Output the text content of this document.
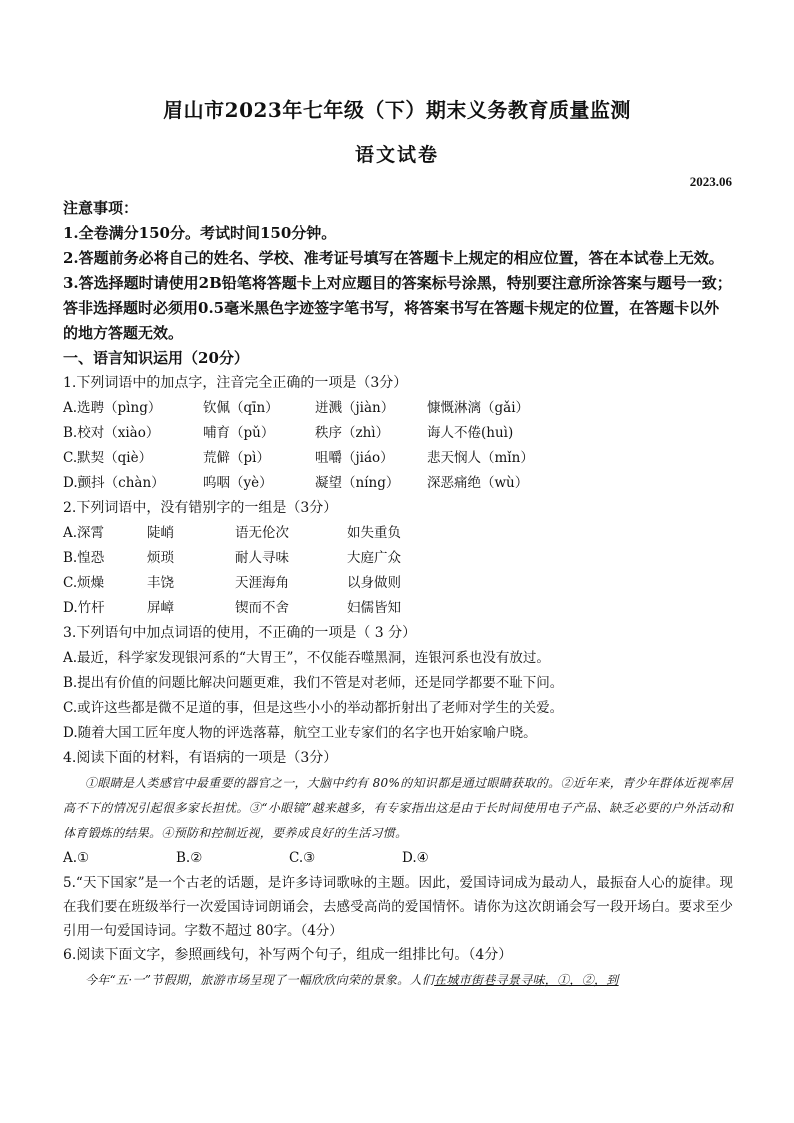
眉山市2023年七年级（下）期末义务教育质量监测
语文试卷
2023.06
注意事项：
1.全卷满分150分。考试时间150分钟。
2.答题前务必将自己的姓名、学校、准考证号填写在答题卡上规定的相应位置，答在本试卷上无效。
3.答选择题时请使用2B铅笔将答题卡上对应题目的答案标号涂黑，特别要注意所涂答案与题号一致；答非选择题时必须用0.5毫米黑色字迹签字笔书写，将答案书写在答题卡规定的位置，在答题卡以外的地方答题无效。
一、语言知识运用（20分）
1.下列词语中的加点字，注音完全正确的一项是（3分）
A.选聘（pìng）	钦佩（qīn）	迸溅（jiàn） 慷慨淋漓（gǎi）
B.校对（xiào）	哺育（pǔ）	秩序（zhì）	诲人不倦(huì)
C.默契（qiè）	荒僻（pì）	咀嚼（jiáo） 悲天悯人（mǐn）
D.颤抖（chàn）	呜咽（yè）	凝望（níng） 深恶痛绝（wù）
2.下列词语中，没有错别字的一组是（3分）
A.深霄	陡峭	语无伦次	如失重负
B.惶恐	烦琐	耐人寻味	大庭广众
C.烦燥	丰饶	天涯海角	以身做则
D.竹杆	屏嶂	锲而不舍	妇儒皆知
3.下列语句中加点词语的使用，不正确的一项是（ 3 分）
A.最近，科学家发现银河系的“大胃王”，不仅能吞噬黑洞，连银河系也没有放过。
B.提出有价值的问题比解决问题更难，我们不管是对老师，还是同学都要不耻下问。
C.或许这些都是微不足道的事，但是这些小小的举动都折射出了老师对学生的关爱。
D.随着大国工匠年度人物的评选落幕，航空工业专家们的名字也开始家喻户晓。
4.阅读下面的材料，有语病的一项是（3分）
①眼睛是人类感官中最重要的器官之一，大脑中约有 80%的知识都是通过眼睛获取的。②近年来，青少年群体近视率居高不下的情况引起很多家长担忧。③“小眼镜”越来越多，有专家指出这是由于长时间使用电子产品、缺乏必要的户外活动和体育锻炼的结果。④预防和控制近视，要养成良好的生活习惯。
A.①	B.②	C.③	D.④
5.“天下国家”是一个古老的话题，是许多诗词歌咏的主题。因此，爱国诗词成为最动人，最振奋人心的旋律。现在我们要在班级举行一次爱国诗词朗诵会，去感受高尚的爱国情怀。请你为这次朗诵会写一段开场白。要求至少引用一句爱国诗词。字数不超过 80字。（4分）
6.阅读下面文字，参照画线句，补写两个句子，组成一组排比句。（4分）
今年“五·一”节假期，旅游市场呈现了一幅欣欣向荣的景象。人们在城市街巷寻景寻味，①，②，到
